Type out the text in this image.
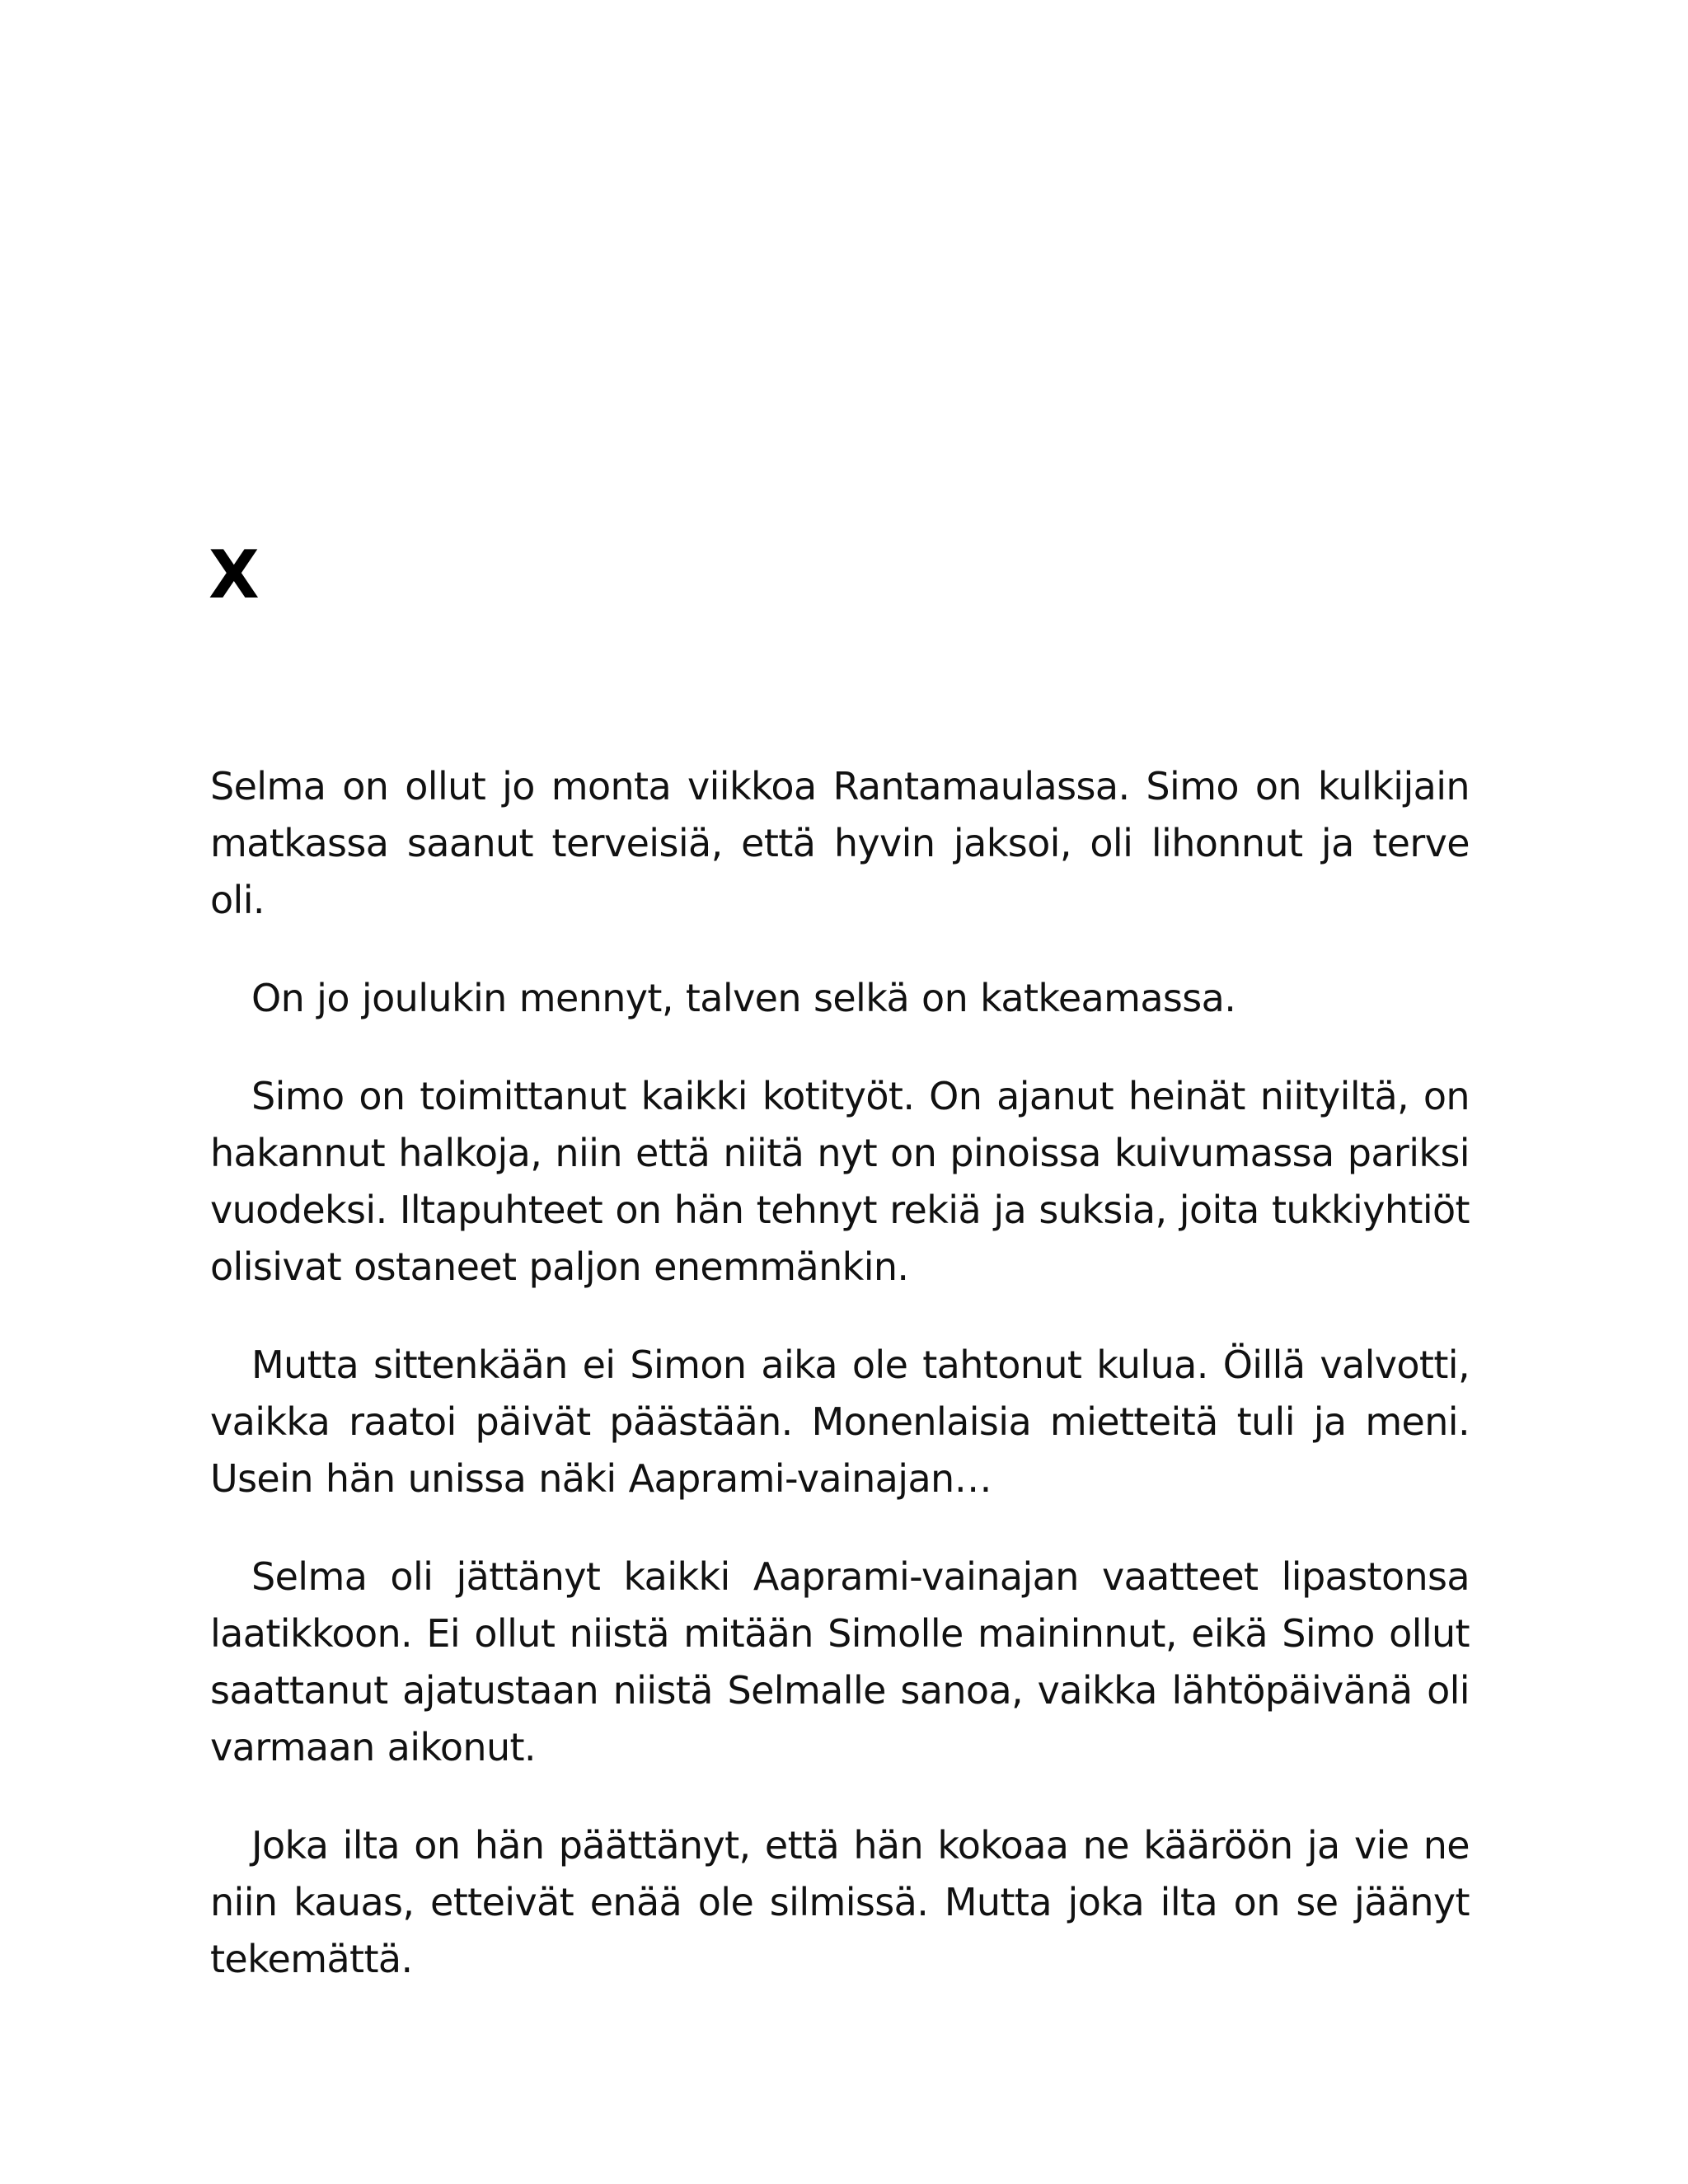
X

Selma on ollut jo monta viikkoa Rantamaulassa. Simo on kulkijain matkassa saanut terveisiä, että hyvin jaksoi, oli lihonnut ja terve oli.

On jo joulukin mennyt, talven selkä on katkeamassa.

Simo on toimittanut kaikki kotityöt. On ajanut heinät niityiltä, on hakannut halkoja, niin että niitä nyt on pinoissa kuivumassa pariksi vuodeksi. Iltapuhteet on hän tehnyt rekiä ja suksia, joita tukkiyhtiöt olisivat ostaneet paljon enemmänkin.

Mutta sittenkään ei Simon aika ole tahtonut kulua. Öillä valvotti, vaikka raatoi päivät päästään. Monenlaisia mietteitä tuli ja meni. Usein hän unissa näki Aaprami-vainajan…

Selma oli jättänyt kaikki Aaprami-vainajan vaatteet lipastonsa laatikkoon. Ei ollut niistä mitään Simolle maininnut, eikä Simo ollut saattanut ajatustaan niistä Selmalle sanoa, vaikka lähtöpäivänä oli varmaan aikonut.

Joka ilta on hän päättänyt, että hän kokoaa ne kääröön ja vie ne niin kauas, etteivät enää ole silmissä. Mutta joka ilta on se jäänyt tekemättä.
